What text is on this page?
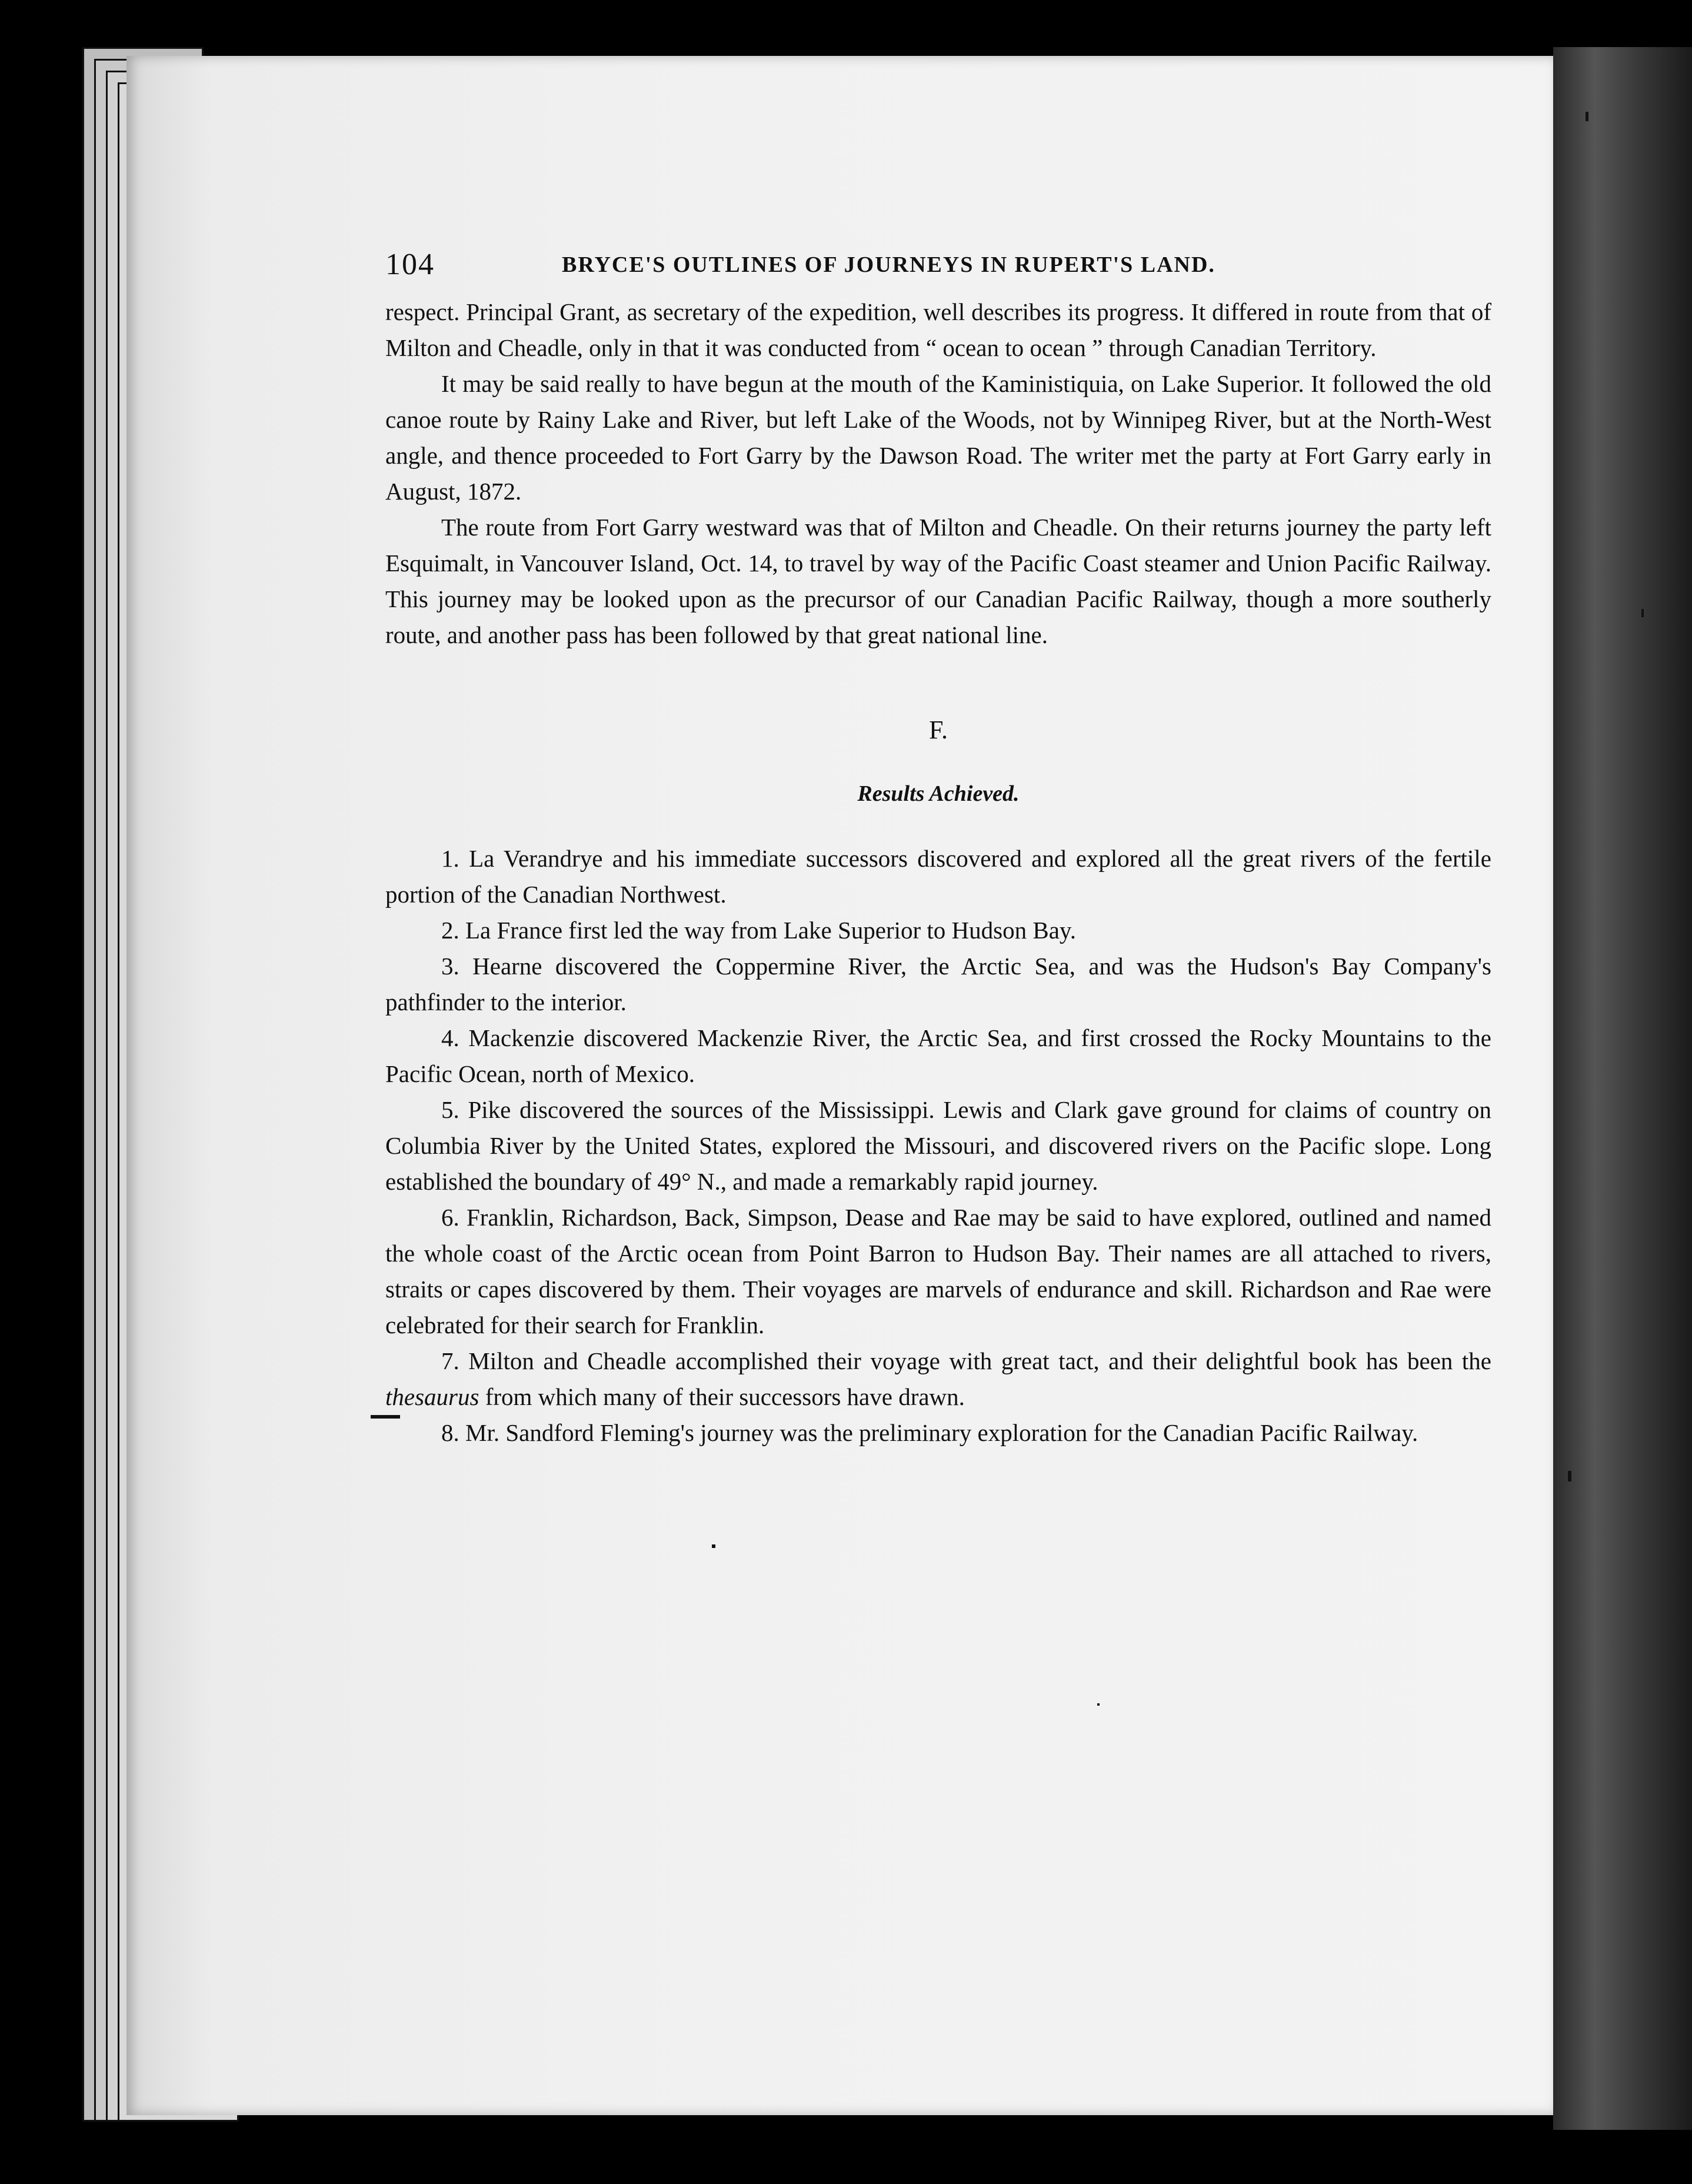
104	BRYCE'S OUTLINES OF JOURNEYS IN RUPERT'S LAND.

respect. Principal Grant, as secretary of the expedition, well describes its progress. It differed in route from that of Milton and Cheadle, only in that it was conducted from “ ocean to ocean ” through Canadian Territory.

It may be said really to have begun at the mouth of the Kaministiquia, on Lake Superior. It followed the old canoe route by Rainy Lake and River, but left Lake of the Woods, not by Winnipeg River, but at the North-West angle, and thence proceeded to Fort Garry by the Dawson Road. The writer met the party at Fort Garry early in August, 1872.

The route from Fort Garry westward was that of Milton and Cheadle. On their returns journey the party left Esquimalt, in Vancouver Island, Oct. 14, to travel by way of the Pacific Coast steamer and Union Pacific Railway. This journey may be looked upon as the precursor of our Canadian Pacific Railway, though a more southerly route, and another pass has been followed by that great national line.

F.
Results Achieved.

1. La Verandrye and his immediate successors discovered and explored all the great rivers of the fertile portion of the Canadian Northwest.

2. La France first led the way from Lake Superior to Hudson Bay.

3. Hearne discovered the Coppermine River, the Arctic Sea, and was the Hudson's Bay Company's pathfinder to the interior.

4. Mackenzie discovered Mackenzie River, the Arctic Sea, and first crossed the Rocky Mountains to the Pacific Ocean, north of Mexico.

5. Pike discovered the sources of the Mississippi. Lewis and Clark gave ground for claims of country on Columbia River by the United States, explored the Missouri, and discovered rivers on the Pacific slope. Long established the boundary of 49° N., and made a remarkably rapid journey.

6. Franklin, Richardson, Back, Simpson, Dease and Rae may be said to have explored, outlined and named the whole coast of the Arctic ocean from Point Barron to Hudson Bay. Their names are all attached to rivers, straits or capes discovered by them. Their voyages are marvels of endurance and skill. Richardson and Rae were celebrated for their search for Franklin.

7. Milton and Cheadle accomplished their voyage with great tact, and their delightful book has been the thesaurus from which many of their successors have drawn.

8. Mr. Sandford Fleming's journey was the preliminary exploration for the Canadian Pacific Railway.
